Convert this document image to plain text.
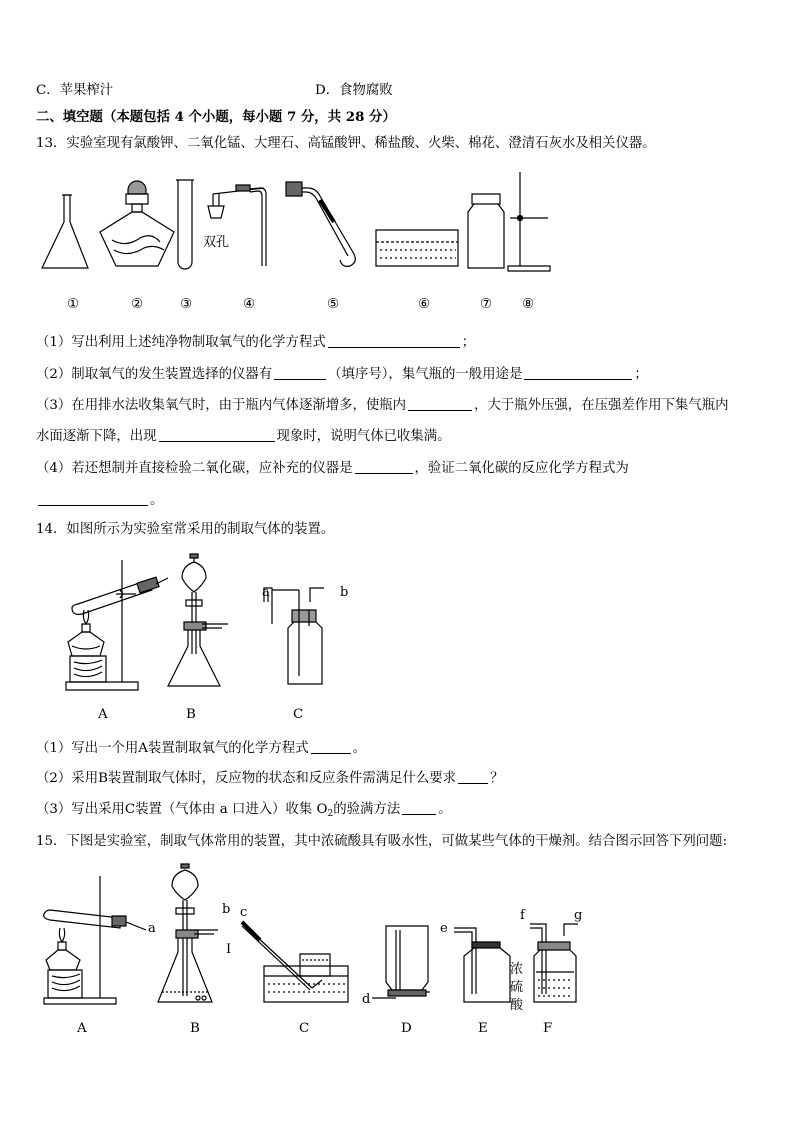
C．苹果榨汁	D．食物腐败
二、填空题（本题包括 4 个小题，每小题 7 分，共 28 分）
13．实验室现有氯酸钾、二氧化锰、大理石、高锰酸钾、稀盐酸、火柴、棉花、澄清石灰水及相关仪器。
双孔
①	②	③	④	⑤	⑥	⑦ ⑧
（1）写出利用上述纯净物制取氧气的化学方程式	；
（2）制取氧气的发生装置选择的仪器有	（填序号），集气瓶的一般用途是	；
（3）在用排水法收集氧气时，由于瓶内气体逐渐增多，使瓶内	，大于瓶外压强，在压强差作用下集气瓶内
水面逐渐下降，出现	现象时，说明气体已收集满。
（4）若还想制并直接检验二氧化碳，应补充的仪器是	，验证二氧化碳的反应化学方程式为
。
14．如图所示为实验室常采用的制取气体的装置。
a	b
A	B	C
（1）写出一个用A装置制取氧气的化学方程式	。
（2）采用B装置制取气体时，反应物的状态和反应条件需满足什么要求	？
（3）写出采用C装置（气体由 a 口进入）收集 $O_2$的验满方法	。
15．下图是实验室，制取气体常用的装置，其中浓硫酸具有吸水性，可做某些气体的干燥剂。结合图示回答下列问题:
a
b
I
c
d
e
f	g
浓
硫
酸
A	B	C	D	E	F
